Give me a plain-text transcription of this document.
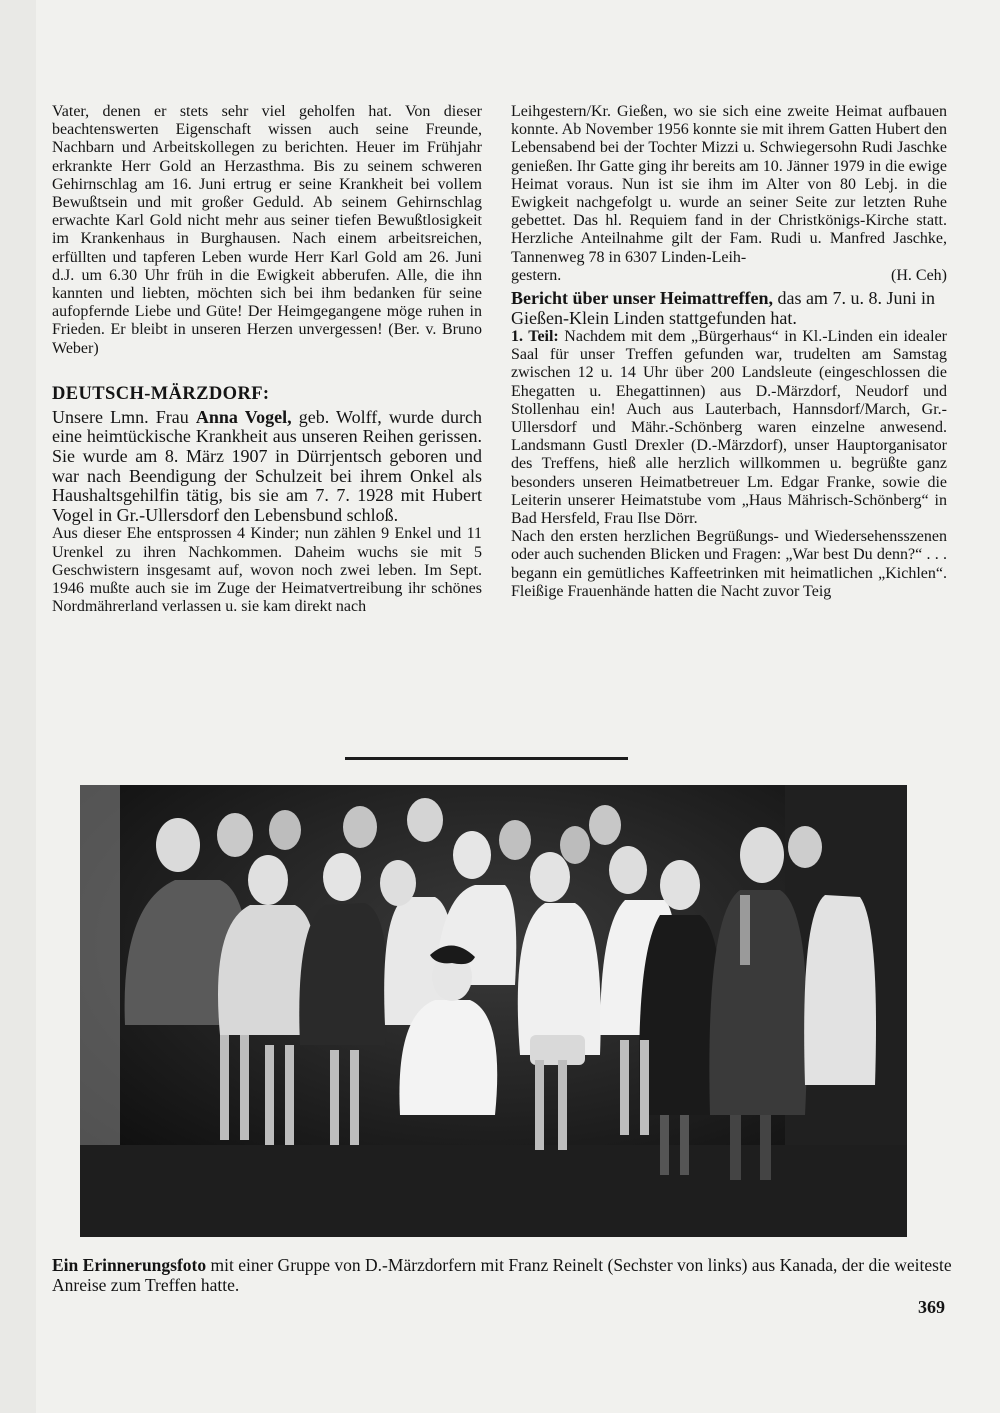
Vater, denen er stets sehr viel geholfen hat. Von dieser beachtenswerten Eigenschaft wissen auch seine Freunde, Nachbarn und Arbeitskollegen zu berichten. Heuer im Frühjahr erkrankte Herr Gold an Herzasthma. Bis zu seinem schweren Gehirnschlag am 16. Juni ertrug er seine Krankheit bei vollem Bewußtsein und mit großer Geduld. Ab seinem Gehirnschlag erwachte Karl Gold nicht mehr aus seiner tiefen Bewußtlosigkeit im Krankenhaus in Burghausen. Nach einem arbeitsreichen, erfüllten und tapferen Leben wurde Herr Karl Gold am 26. Juni d.J. um 6.30 Uhr früh in die Ewigkeit abberufen. Alle, die ihn kannten und liebten, möchten sich bei ihm bedanken für seine aufopfernde Liebe und Güte! Der Heimgegangene möge ruhen in Frieden. Er bleibt in unseren Herzen unvergessen! (Ber. v. Bruno Weber)

DEUTSCH-MÄRZDORF:

Unsere Lmn. Frau Anna Vogel, geb. Wolff, wurde durch eine heimtückische Krankheit aus unseren Reihen gerissen. Sie wurde am 8. März 1907 in Dürrjentsch geboren und war nach Beendigung der Schulzeit bei ihrem Onkel als Haushaltsgehilfin tätig, bis sie am 7. 7. 1928 mit Hubert Vogel in Gr.-Ullersdorf den Lebensbund schloß.

Aus dieser Ehe entsprossen 4 Kinder; nun zählen 9 Enkel und 11 Urenkel zu ihren Nachkommen. Daheim wuchs sie mit 5 Geschwistern insgesamt auf, wovon noch zwei leben. Im Sept. 1946 mußte auch sie im Zuge der Heimatvertreibung ihr schönes Nordmährerland verlassen u. sie kam direkt nach

Leihgestern/Kr. Gießen, wo sie sich eine zweite Heimat aufbauen konnte. Ab November 1956 konnte sie mit ihrem Gatten Hubert den Lebensabend bei der Tochter Mizzi u. Schwiegersohn Rudi Jaschke genießen. Ihr Gatte ging ihr bereits am 10. Jänner 1979 in die ewige Heimat voraus. Nun ist sie ihm im Alter von 80 Lebj. in die Ewigkeit nachgefolgt u. wurde an seiner Seite zur letzten Ruhe gebettet. Das hl. Requiem fand in der Christkönigs-Kirche statt. Herzliche Anteilnahme gilt der Fam. Rudi u. Manfred Jaschke, Tannenweg 78 in 6307 Linden-Leih-

gestern.	(H. Ceh)

Bericht über unser Heimattreffen, das am 7. u. 8. Juni in Gießen-Klein Linden stattgefunden hat.

1. Teil: Nachdem mit dem „Bürgerhaus“ in Kl.-Linden ein idealer Saal für unser Treffen gefunden war, trudelten am Samstag zwischen 12 u. 14 Uhr über 200 Landsleute (eingeschlossen die Ehegatten u. Ehegattinnen) aus D.-Märzdorf, Neudorf und Stollenhau ein! Auch aus Lauterbach, Hannsdorf/March, Gr.-Ullersdorf und Mähr.-Schönberg waren einzelne anwesend. Landsmann Gustl Drexler (D.-Märzdorf), unser Hauptorganisator des Treffens, hieß alle herzlich willkommen u. begrüßte ganz besonders unseren Heimatbetreuer Lm. Edgar Franke, sowie die Leiterin unserer Heimatstube vom „Haus Mährisch-Schönberg“ in Bad Hersfeld, Frau Ilse Dörr.

Nach den ersten herzlichen Begrüßungs- und Wiedersehensszenen oder auch suchenden Blicken und Fragen: „War best Du denn?“ . . . begann ein gemütliches Kaffeetrinken mit heimatlichen „Kichlen“. Fleißige Frauenhände hatten die Nacht zuvor Teig

Ein Erinnerungsfoto mit einer Gruppe von D.-Märzdorfern mit Franz Reinelt (Sechster von links) aus Kanada, der die weiteste Anreise zum Treffen hatte.

369
